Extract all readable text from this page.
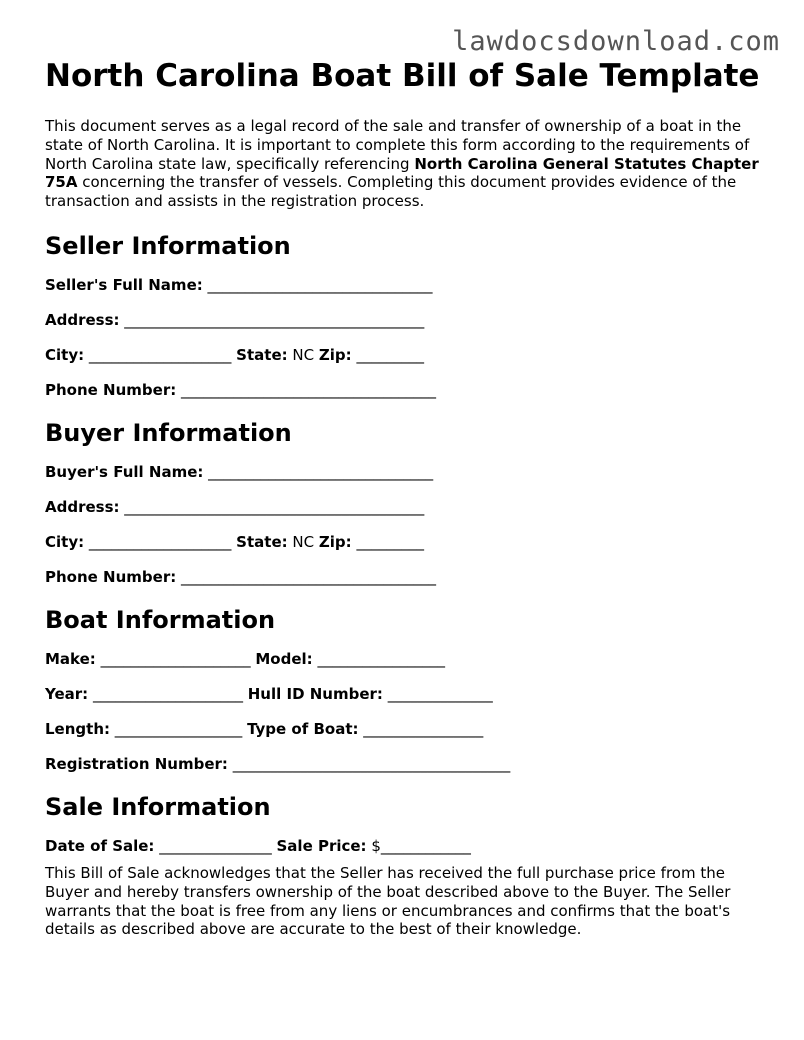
lawdocsdownload.com
North Carolina Boat Bill of Sale Template

This document serves as a legal record of the sale and transfer of ownership of a boat in the state of North Carolina. It is important to complete this form according to the requirements of North Carolina state law, specifically referencing North Carolina General Statutes Chapter 75A concerning the transfer of vessels. Completing this document provides evidence of the transaction and assists in the registration process.

Seller Information
Seller's Full Name: ______________________________
Address: ________________________________________
City: ___________________ State: NC Zip: _________
Phone Number: __________________________________
Buyer Information
Buyer's Full Name: ______________________________
Address: ________________________________________
City: ___________________ State: NC Zip: _________
Phone Number: __________________________________
Boat Information
Make: ____________________ Model: _________________
Year: ____________________ Hull ID Number: ______________
Length: _________________ Type of Boat: ________________
Registration Number: _____________________________________
Sale Information
Date of Sale: _______________ Sale Price: $____________

This Bill of Sale acknowledges that the Seller has received the full purchase price from the Buyer and hereby transfers ownership of the boat described above to the Buyer. The Seller warrants that the boat is free from any liens or encumbrances and confirms that the boat's details as described above are accurate to the best of their knowledge.
